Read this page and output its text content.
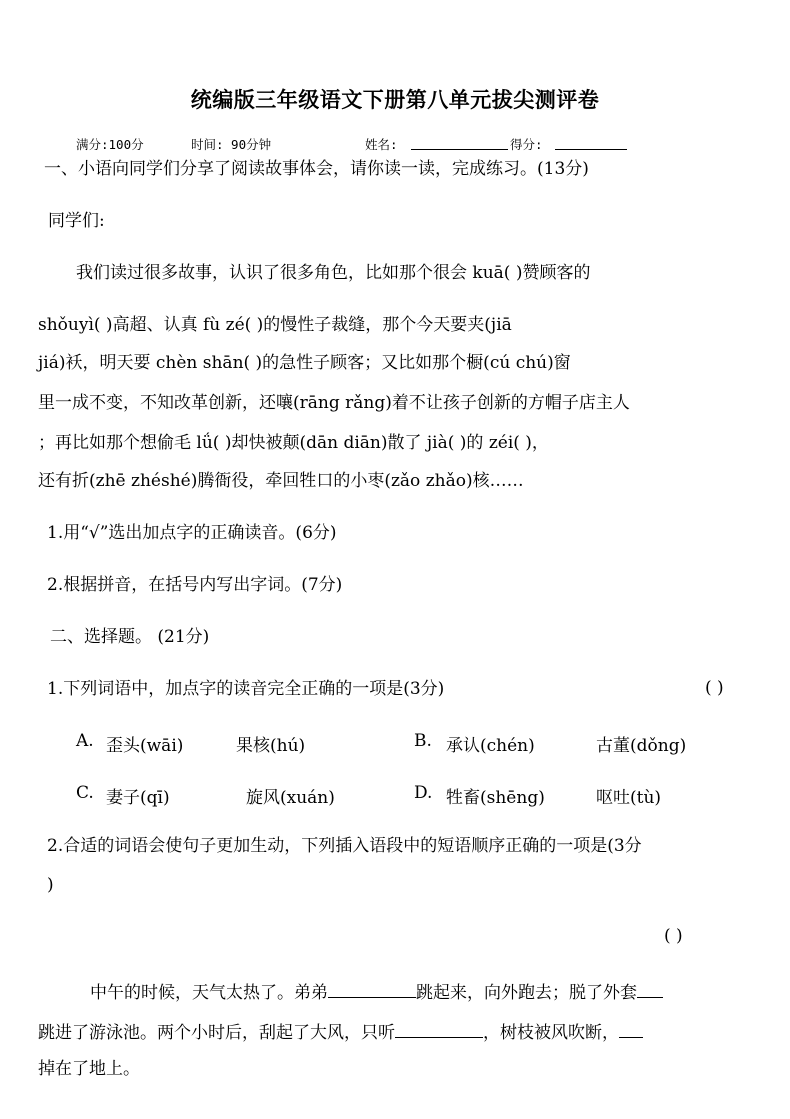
统编版三年级语文下册第八单元拔尖测评卷
满分:100分	时间: 90分钟	姓名:	得分:
一、小语向同学们分享了阅读故事体会，请你读一读，完成练习。(13分)
同学们:
我们读过很多故事，认识了很多角色，比如那个很会 kuā( )赞顾客的
shǒuyì( )高超、认真 fù zé( )的慢性子裁缝，那个今天要夹(jiā
jiá)袄，明天要 chèn shān( )的急性子顾客；又比如那个橱(cú chú)窗
里一成不变，不知改革创新，还嚷(rāng rǎng)着不让孩子创新的方帽子店主人
；再比如那个想偷毛 lǘ( )却快被颠(dān diān)散了 jià( )的 zéi( )，
还有折(zhē zhéshé)腾衙役，牵回牲口的小枣(zǎo zhǎo)核……
1.用“√”选出加点字的正确读音。(6分)
2.根据拼音，在括号内写出字词。(7分)
二、选择题。 (21分)
1.下列词语中，加点字的读音完全正确的一项是(3分)	( )
A. 歪头(wāi)	果核(hú)	B. 承认(chén)	古董(dǒng)
C. 妻子(qī)	旋风(xuán)	D. 牲畜(shēng)	呕吐(tù)
2.合适的词语会使句子更加生动，下列插入语段中的短语顺序正确的一项是(3分
)
( )
中午的时候，天气太热了。弟弟	跳起来，向外跑去；脱了外套
跳进了游泳池。两个小时后，刮起了大风，只听	，树枝被风吹断，
掉在了地上。
